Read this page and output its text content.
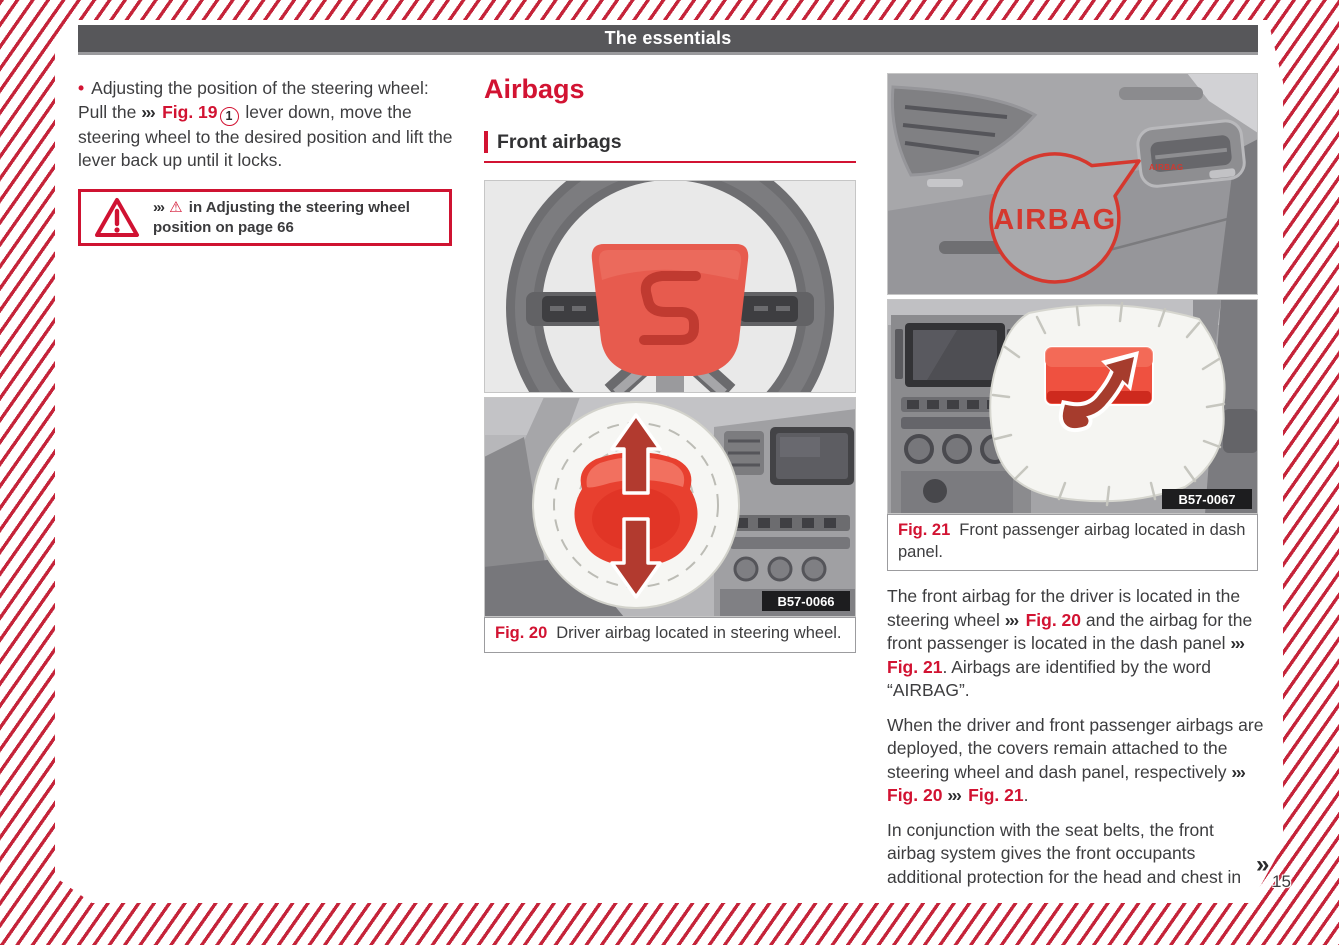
The essentials
• Adjusting the position of the steering wheel: Pull the ››› Fig. 19 1 lever down, move the steering wheel to the desired position and lift the lever back up until it locks.
››› ⚠ in Adjusting the steering wheel position on page 66
Airbags
Front airbags
B57-0066
Fig. 20 Driver airbag located in steering wheel.
AIRBAG
AIRBAG
B57-0067
Fig. 21 Front passenger airbag located in dash panel.

The front airbag for the driver is located in the steering wheel ››› Fig. 20 and the airbag for the front passenger is located in the dash panel ››› Fig. 21. Airbags are identified by the word “AIRBAG”.

When the driver and front passenger airbags are deployed, the covers remain attached to the steering wheel and dash panel, respectively ››› Fig. 20 ››› Fig. 21.

In conjunction with the seat belts, the front airbag system gives the front occupants additional protection for the head and chest in »
15
